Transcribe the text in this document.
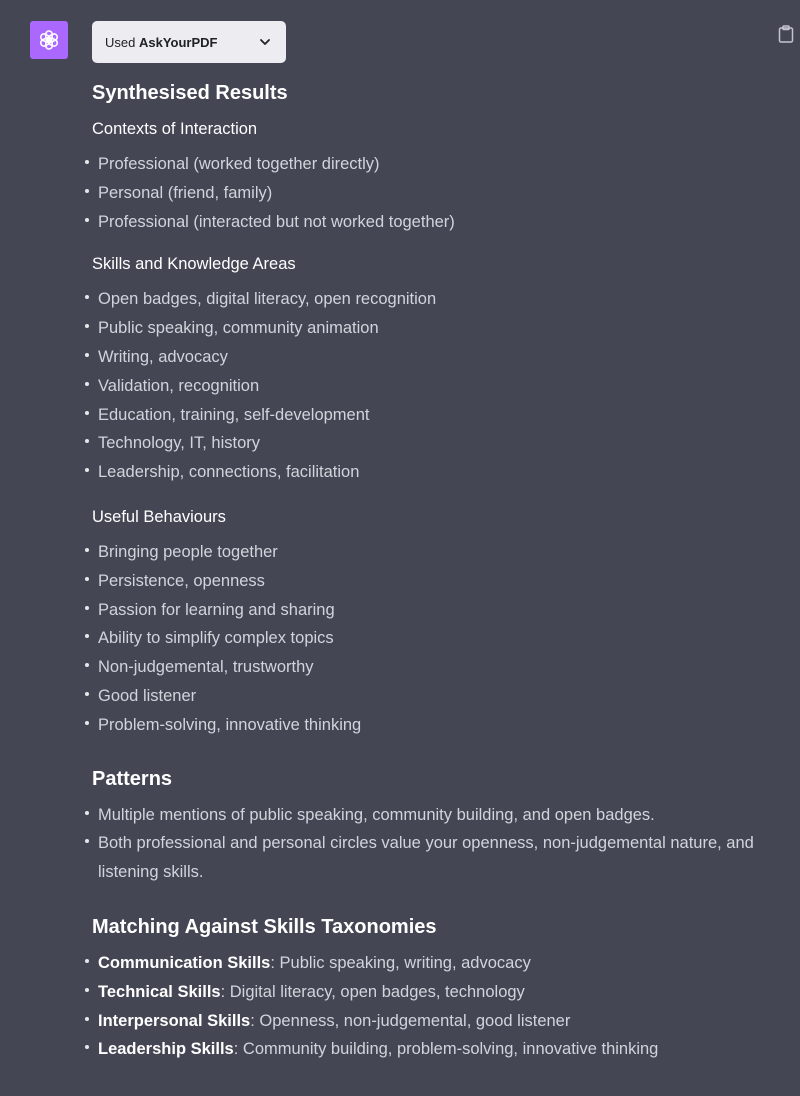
Used AskYourPDF
Synthesised Results
Contexts of Interaction
Professional (worked together directly)
Personal (friend, family)
Professional (interacted but not worked together)
Skills and Knowledge Areas
Open badges, digital literacy, open recognition
Public speaking, community animation
Writing, advocacy
Validation, recognition
Education, training, self-development
Technology, IT, history
Leadership, connections, facilitation
Useful Behaviours
Bringing people together
Persistence, openness
Passion for learning and sharing
Ability to simplify complex topics
Non-judgemental, trustworthy
Good listener
Problem-solving, innovative thinking
Patterns
Multiple mentions of public speaking, community building, and open badges.
Both professional and personal circles value your openness, non-judgemental nature, and listening skills.
Matching Against Skills Taxonomies
Communication Skills: Public speaking, writing, advocacy
Technical Skills: Digital literacy, open badges, technology
Interpersonal Skills: Openness, non-judgemental, good listener
Leadership Skills: Community building, problem-solving, innovative thinking
